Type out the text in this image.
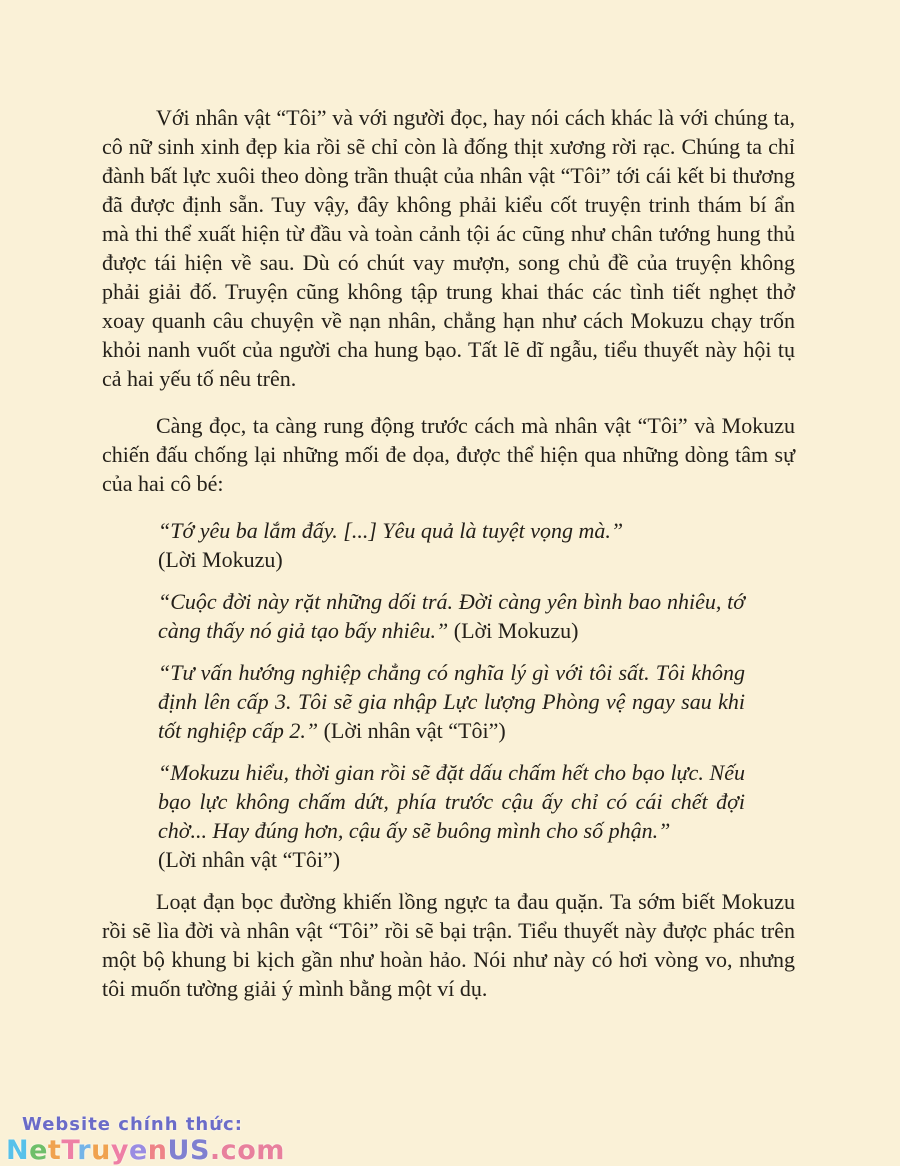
Với nhân vật “Tôi” và với người đọc, hay nói cách khác là với chúng ta, cô nữ sinh xinh đẹp kia rồi sẽ chỉ còn là đống thịt xương rời rạc. Chúng ta chỉ đành bất lực xuôi theo dòng trần thuật của nhân vật “Tôi” tới cái kết bi thương đã được định sẵn. Tuy vậy, đây không phải kiểu cốt truyện trinh thám bí ẩn mà thi thể xuất hiện từ đầu và toàn cảnh tội ác cũng như chân tướng hung thủ được tái hiện về sau. Dù có chút vay mượn, song chủ đề của truyện không phải giải đố. Truyện cũng không tập trung khai thác các tình tiết nghẹt thở xoay quanh câu chuyện về nạn nhân, chẳng hạn như cách Mokuzu chạy trốn khỏi nanh vuốt của người cha hung bạo. Tất lẽ dĩ ngẫu, tiểu thuyết này hội tụ cả hai yếu tố nêu trên.

Càng đọc, ta càng rung động trước cách mà nhân vật “Tôi” và Mokuzu chiến đấu chống lại những mối đe dọa, được thể hiện qua những dòng tâm sự của hai cô bé:

“Tớ yêu ba lắm đấy. [...] Yêu quả là tuyệt vọng mà.”
(Lời Mokuzu)
“Cuộc đời này rặt những dối trá. Đời càng yên bình bao nhiêu, tớ càng thấy nó giả tạo bấy nhiêu.” (Lời Mokuzu)
“Tư vấn hướng nghiệp chẳng có nghĩa lý gì với tôi sất. Tôi không định lên cấp 3. Tôi sẽ gia nhập Lực lượng Phòng vệ ngay sau khi tốt nghiệp cấp 2.” (Lời nhân vật “Tôi”)
“Mokuzu hiểu, thời gian rồi sẽ đặt dấu chấm hết cho bạo lực. Nếu bạo lực không chấm dứt, phía trước cậu ấy chỉ có cái chết đợi chờ... Hay đúng hơn, cậu ấy sẽ buông mình cho số phận.”
(Lời nhân vật “Tôi”)

Loạt đạn bọc đường khiến lồng ngực ta đau quặn. Ta sớm biết Mokuzu rồi sẽ lìa đời và nhân vật “Tôi” rồi sẽ bại trận. Tiểu thuyết này được phác trên một bộ khung bi kịch gần như hoàn hảo. Nói như này có hơi vòng vo, nhưng tôi muốn tường giải ý mình bằng một ví dụ.

Website chính thức:
NetTruyenUS.com
